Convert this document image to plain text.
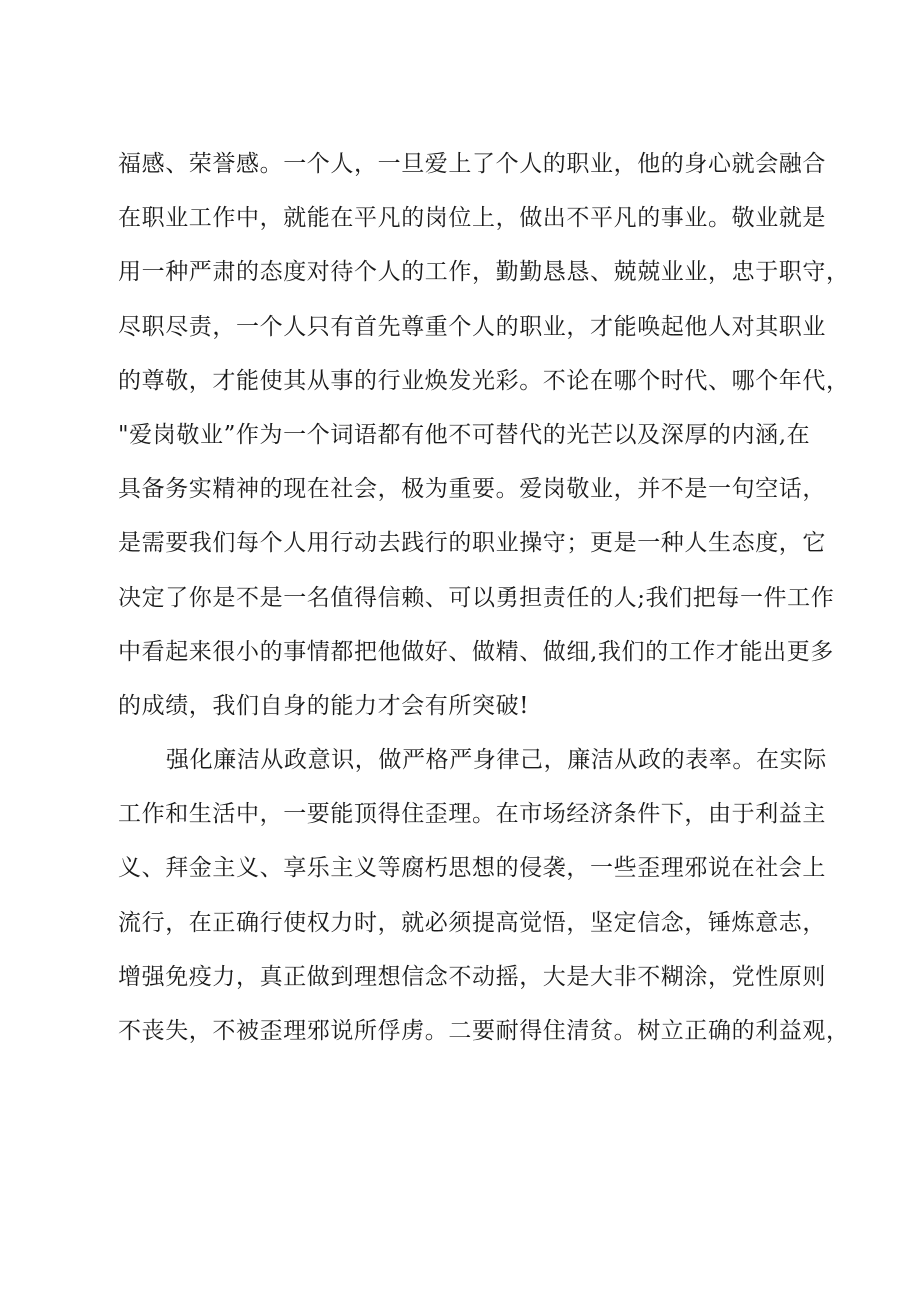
福感、荣誉感。一个人，一旦爱上了个人的职业，他的身心就会融合
在职业工作中，就能在平凡的岗位上，做出不平凡的事业。敬业就是
用一种严肃的态度对待个人的工作，勤勤恳恳、兢兢业业，忠于职守，
尽职尽责，一个人只有首先尊重个人的职业，才能唤起他人对其职业
的尊敬，才能使其从事的行业焕发光彩。不论在哪个时代、哪个年代，
"爱岗敬业”作为一个词语都有他不可替代的光芒以及深厚的内涵,在
具备务实精神的现在社会，极为重要。爱岗敬业，并不是一句空话，
是需要我们每个人用行动去践行的职业操守；更是一种人生态度，它
决定了你是不是一名值得信赖、可以勇担责任的人;我们把每一件工作
中看起来很小的事情都把他做好、做精、做细,我们的工作才能出更多
的成绩，我们自身的能力才会有所突破!
强化廉洁从政意识，做严格严身律己，廉洁从政的表率。在实际
工作和生活中，一要能顶得住歪理。在市场经济条件下，由于利益主
义、拜金主义、享乐主义等腐朽思想的侵袭，一些歪理邪说在社会上
流行，在正确行使权力时，就必须提高觉悟，坚定信念，锤炼意志，
增强免疫力，真正做到理想信念不动摇，大是大非不糊涂，党性原则
不丧失，不被歪理邪说所俘虏。二要耐得住清贫。树立正确的利益观，
